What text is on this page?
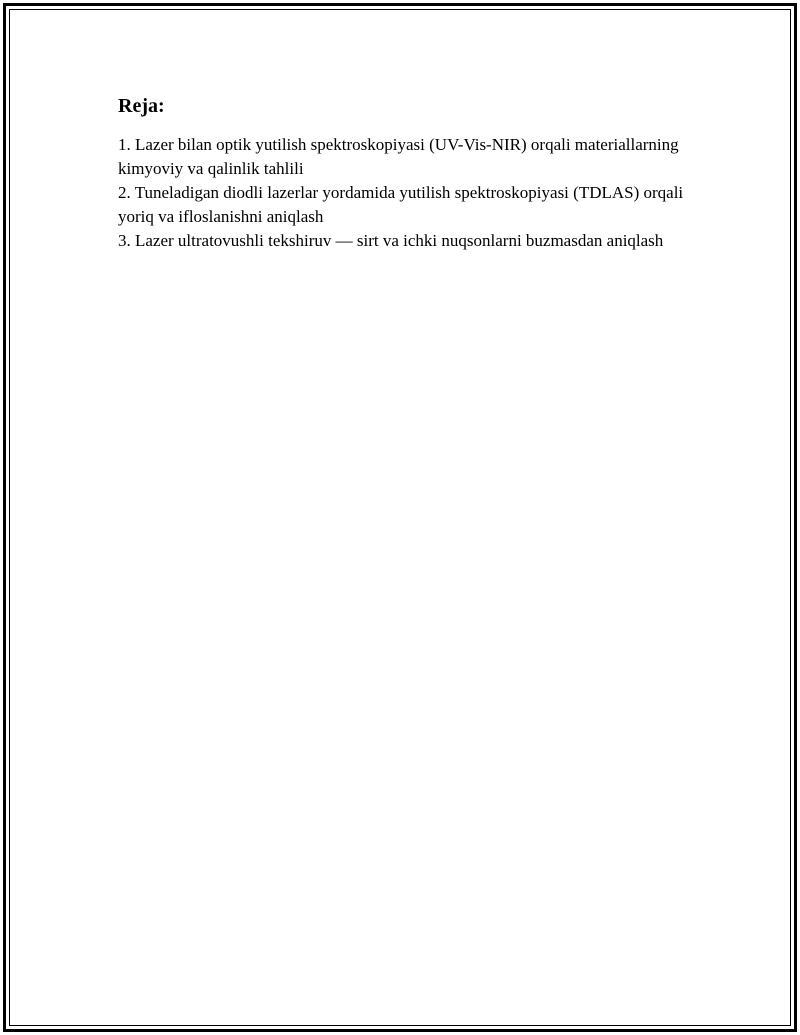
Reja:
1. Lazer bilan optik yutilish spektroskopiyasi (UV-Vis-NIR) orqali materiallarning kimyoviy va qalinlik tahlili
2. Tuneladigan diodli lazerlar yordamida yutilish spektroskopiyasi (TDLAS) orqali yoriq va ifloslanishni aniqlash
3. Lazer ultratovushli tekshiruv — sirt va ichki nuqsonlarni buzmasdan aniqlash
